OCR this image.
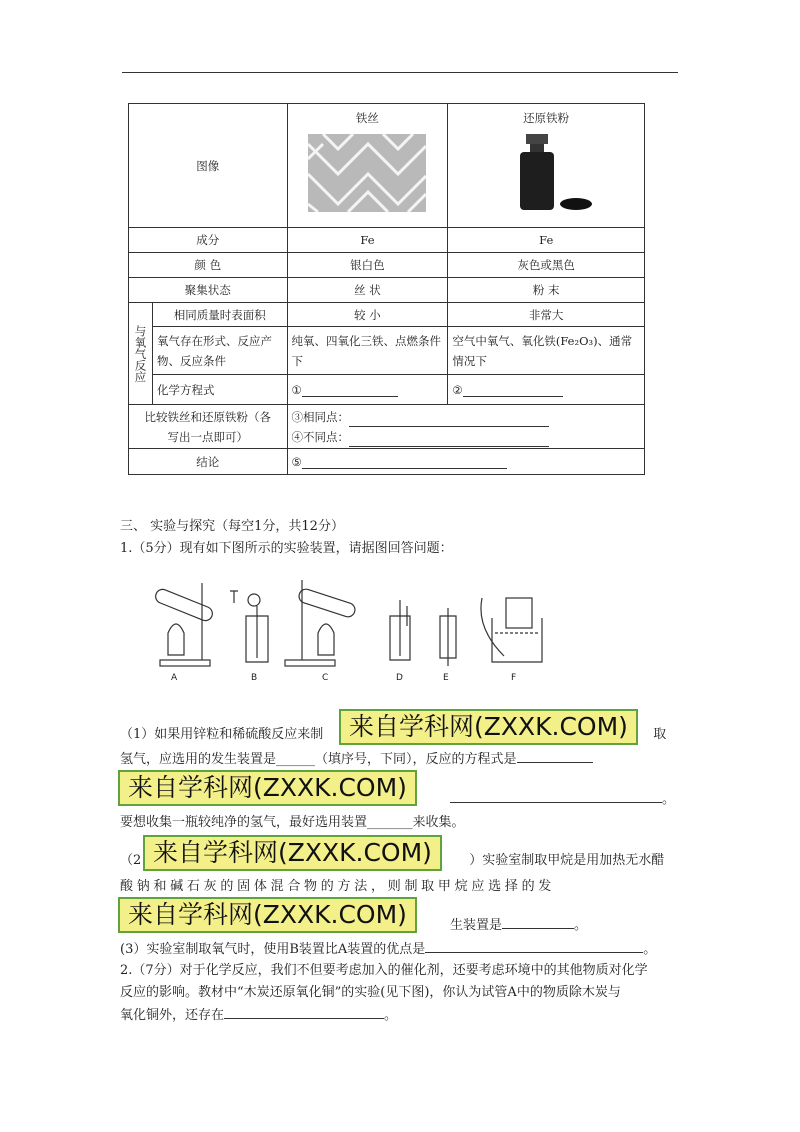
图像		铁丝	还原铁粉

成分		Fe	Fe
颜 色		银白色	灰色或黑色
聚集状态		丝 状	粉 末

与氧气反应	相同质量时表面积	较 小	非常大
	氧气存在形式、反应产物、反应条件	纯氧、四氧化三铁、点燃条件下	空气中氧气、氧化铁(Fe₂O₃)、通常情况下
	化学方程式	①	②
比较铁丝和还原铁粉（各写出一点即可）		③相同点：
④不同点：	

结论		⑤	
三、 实验与探究（每空1分，共12分）
1.（5分）现有如下图所示的实验装置，请据图回答问题：
A	B	C	D	E	F
（1）如果用锌粒和稀硫酸反应来制	取
来自学科网(ZXXK.COM)
氢气，应选用的发生装置是______（填序号，下同），反应的方程式是
。
来自学科网(ZXXK.COM)
要想收集一瓶较纯净的氢气，最好选用装置_______来收集。
（2	）实验室制取甲烷是用加热无水醋
来自学科网(ZXXK.COM)
酸 钠 和 碱 石 灰 的 固 体 混 合 物 的 方 法 ， 则 制 取 甲 烷 应 选 择 的 发
生装置是	。
来自学科网(ZXXK.COM)
(3）实验室制取氧气时，使用B装置比A装置的优点是	。
2.（7分）对于化学反应，我们不但要考虑加入的催化剂，还要考虑环境中的其他物质对化学
反应的影响。教材中“木炭还原氧化铜”的实验(见下图)，你认为试管A中的物质除木炭与
氧化铜外，还存在	。
